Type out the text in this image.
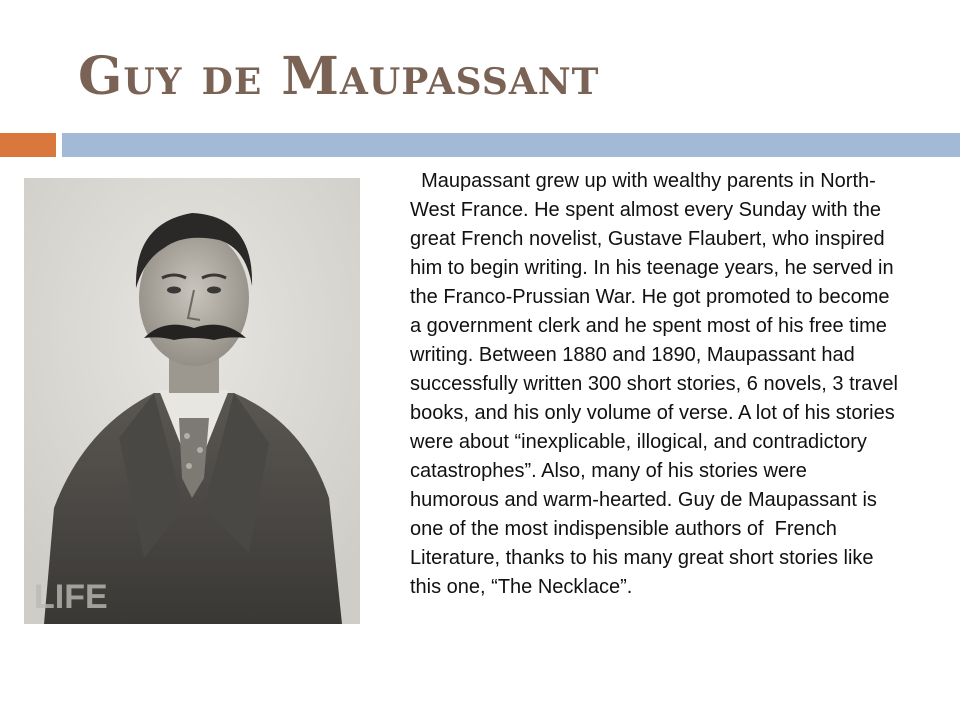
Guy de Maupassant
LIFE

Maupassant grew up with wealthy parents in North-West France. He spent almost every Sunday with the great French novelist, Gustave Flaubert, who inspired him to begin writing. In his teenage years, he served in the Franco-Prussian War. He got promoted to become a government clerk and he spent most of his free time writing. Between 1880 and 1890, Maupassant had successfully written 300 short stories, 6 novels, 3 travel books, and his only volume of verse. A lot of his stories were about “inexplicable, illogical, and contradictory catastrophes”. Also, many of his stories were humorous and warm-hearted. Guy de Maupassant is one of the most indispensible authors of  French Literature, thanks to his many great short stories like this one, “The Necklace”.
